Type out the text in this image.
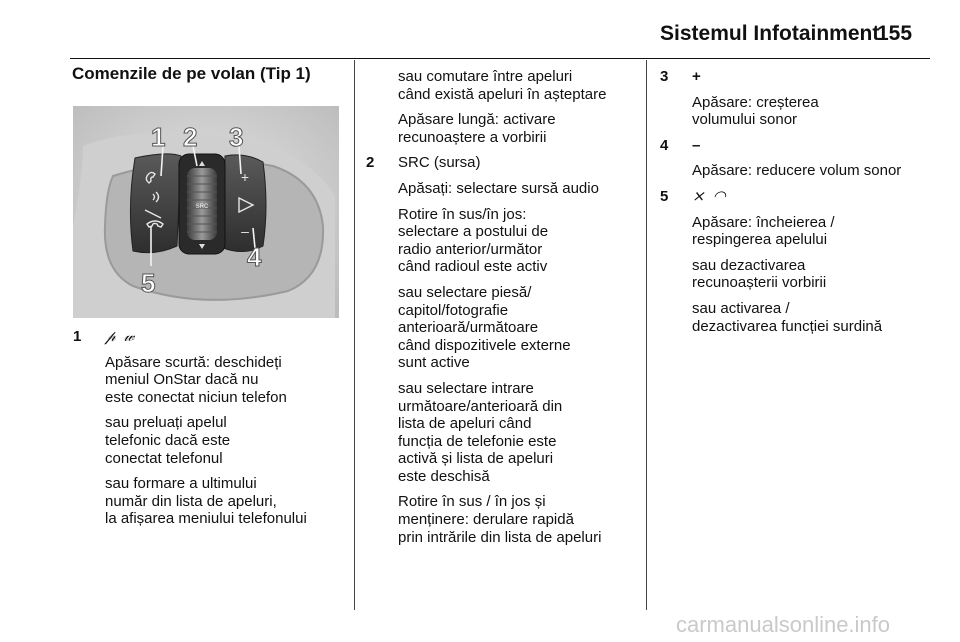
Sistemul Infotainment
155
Comenzile de pe volan (Tip 1)
SRC
+
–
1 2 3
4
5
1 𝓅 𝓌

Apăsare scurtă: deschideți
meniul OnStar dacă nu
este conectat niciun telefon

sau preluați apelul
telefonic dacă este
conectat telefonul

sau formare a ultimului
număr din lista de apeluri,
la afișarea meniului telefonului

sau comutare între apeluri
când există apeluri în așteptare

Apăsare lungă: activare
recunoaștere a vorbirii

2 SRC (sursa)

Apăsați: selectare sursă audio

Rotire în sus/în jos:
selectare a postului de
radio anterior/următor
când radioul este activ

sau selectare piesă/
capitol/fotografie
anterioară/următoare
când dispozitivele externe
sunt active

sau selectare intrare
următoare/anterioară din
lista de apeluri când
funcția de telefonie este
activă și lista de apeluri
este deschisă

Rotire în sus / în jos și
menținere: derulare rapidă
prin intrările din lista de apeluri

3 +

Apăsare: creșterea
volumului sonor

4 –

Apăsare: reducere volum sonor

5 ⨯ ◠

Apăsare: încheierea /
respingerea apelului

sau dezactivarea
recunoașterii vorbirii

sau activarea /
dezactivarea funcției surdină

carmanualsonline.info
